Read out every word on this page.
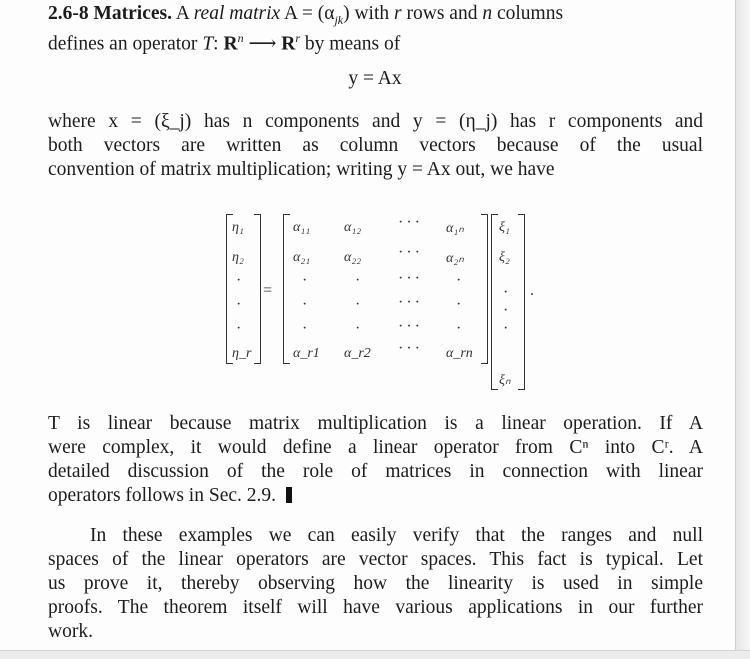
2.6-8 Matrices. A real matrix $A = (\alpha_{jk})$ with r rows and n columns
defines an operator T: $R^n$ ⟶ $R^r$ by means of
y = Ax
where x = (ξ_j) has n components and y = (η_j) has r components and
both vectors are written as column vectors because of the usual
convention of matrix multiplication; writing y = Ax out, we have
η₁
η₂
·
·
·
η_r
=
α₁₁ α₁₂ ··· α₁ₙ
α₂₁ α₂₂ ··· α₂ₙ
·	· ··· ·
·	· ··· ·
·	· ··· ·
α_r1 α_r2 ··· α_rn
ξ₁
ξ₂
·
·
·
ξₙ
.
T is linear because matrix multiplication is a linear operation. If A
were complex, it would define a linear operator from Cⁿ into Cʳ. A
detailed discussion of the role of matrices in connection with linear
operators follows in Sec. 2.9.
In these examples we can easily verify that the ranges and null
spaces of the linear operators are vector spaces. This fact is typical. Let
us prove it, thereby observing how the linearity is used in simple
proofs. The theorem itself will have various applications in our further
work.
